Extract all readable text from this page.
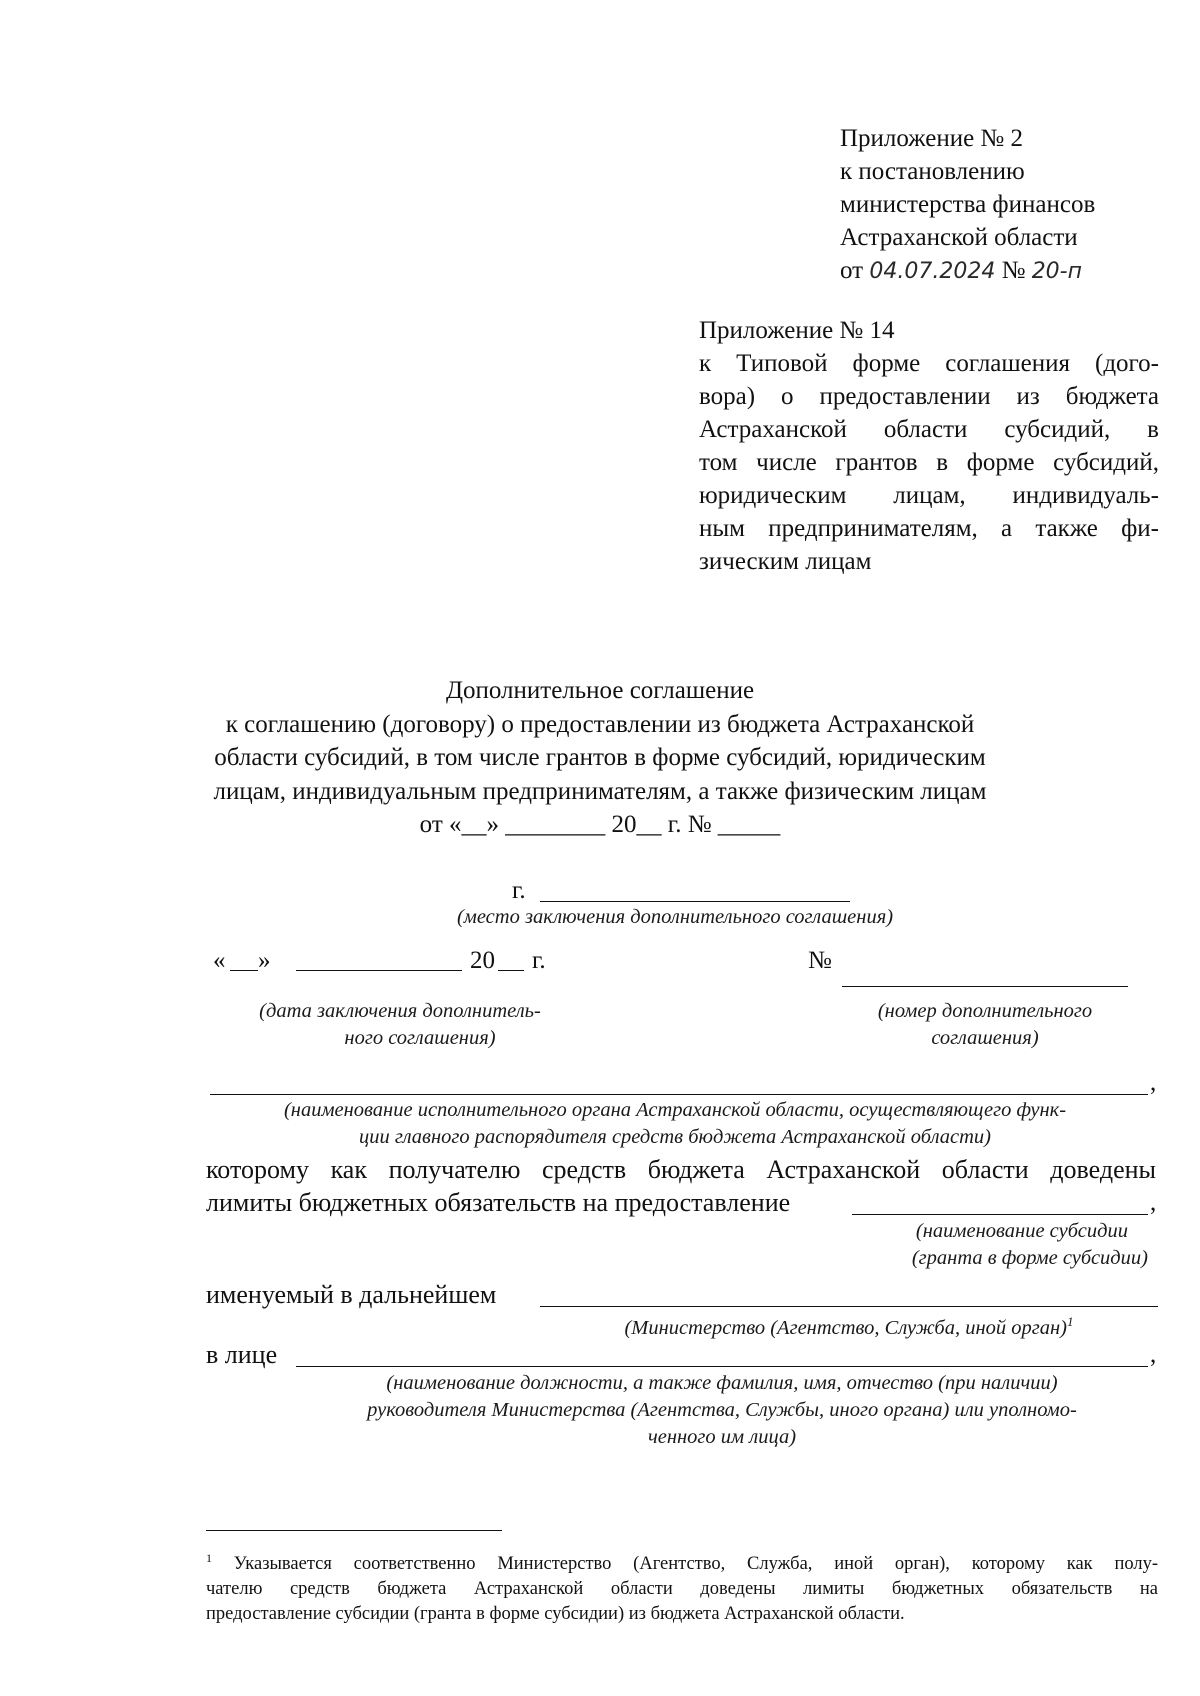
Приложение № 2
к постановлению
министерства финансов
Астраханской области
от 04.07.2024 № 20-п
Приложение № 14
к Типовой форме соглашения (дого-
вора) о предоставлении из бюджета
Астраханской области субсидий, в
том числе грантов в форме субсидий,
юридическим лицам, индивидуаль-
ным предпринимателям, а также фи-
зическим лицам
Дополнительное соглашение
к соглашению (договору) о предоставлении из бюджета Астраханской
области субсидий, в том числе грантов в форме субсидий, юридическим
лицам, индивидуальным предпринимателям, а также физическим лицам
от «__» ________ 20__ г. № _____
г.
(место заключения дополнительного соглашения)
« »	20 г.	№
(дата заключения дополнитель-
ного соглашения)
(номер дополнительного
соглашения)
,
(наименование исполнительного органа Астраханской области, осуществляющего функ-
ции главного распорядителя средств бюджета Астраханской области)
которому как получателю средств бюджета Астраханской области доведены
лимиты бюджетных обязательств на предоставление	,
(наименование субсидии
(гранта в форме субсидии)
именуемый в дальнейшем
(Министерство (Агентство, Служба, иной орган)$^1$
в лице	,
(наименование должности, а также фамилия, имя, отчество (при наличии)
руководителя Министерства (Агентства, Службы, иного органа) или уполномо-
ченного им лица)
$^1$ Указывается соответственно Министерство (Агентство, Служба, иной орган), которому как полу-
чателю средств бюджета Астраханской области доведены лимиты бюджетных обязательств на
предоставление субсидии (гранта в форме субсидии) из бюджета Астраханской области.
